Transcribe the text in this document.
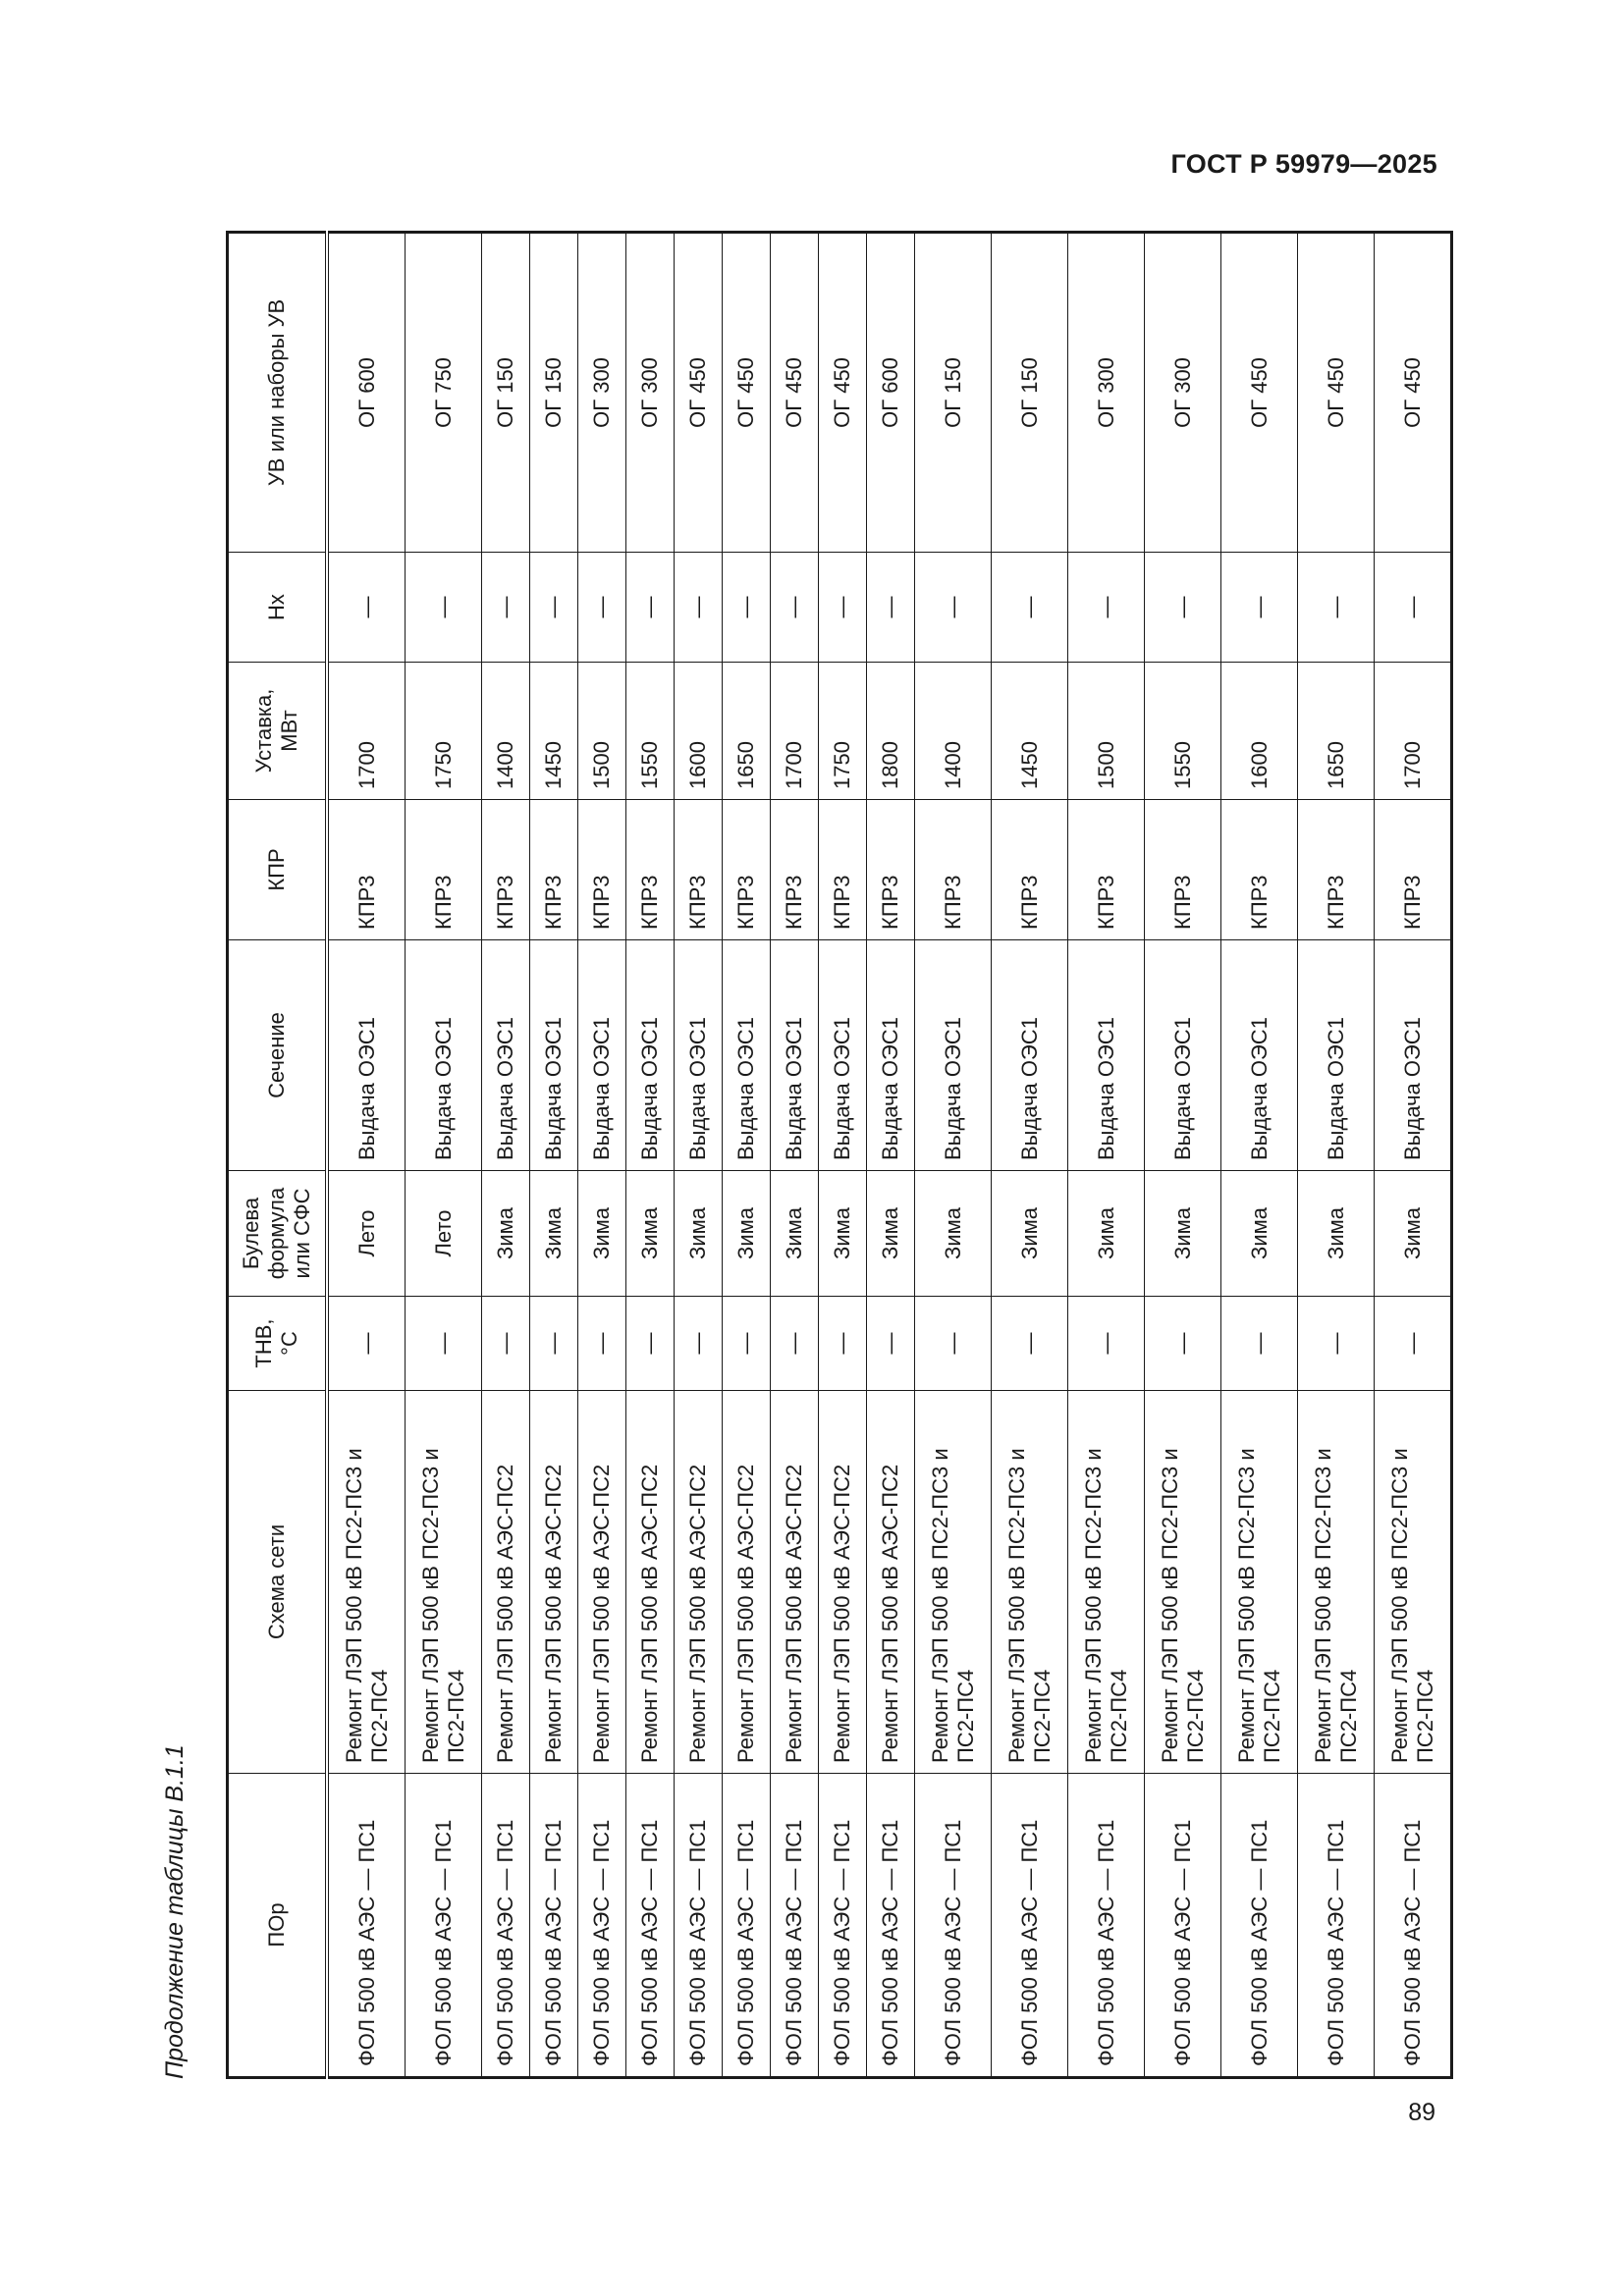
ГОСТ Р 59979—2025
Продолжение таблицы В.1.1	ПОр	Схема сети	TНВ, °C	Булева формула или СФС	Сечение	КПР	Уставка, МВт	Нх	УВ или наборы УВ
ФОЛ 500 кВ АЭС — ПС1	Ремонт ЛЭП 500 кВ ПС2-ПС3 и ПС2-ПС4	—	Лето	Выдача ОЭС1	КПР3	1700	—	ОГ 600
ФОЛ 500 кВ АЭС — ПС1	Ремонт ЛЭП 500 кВ ПС2-ПС3 и ПС2-ПС4	—	Лето	Выдача ОЭС1	КПР3	1750	—	ОГ 750
ФОЛ 500 кВ АЭС — ПС1	Ремонт ЛЭП 500 кВ АЭС-ПС2	—	Зима	Выдача ОЭС1	КПР3	1400	—	ОГ 150
ФОЛ 500 кВ АЭС — ПС1	Ремонт ЛЭП 500 кВ АЭС-ПС2	—	Зима	Выдача ОЭС1	КПР3	1450	—	ОГ 150
ФОЛ 500 кВ АЭС — ПС1	Ремонт ЛЭП 500 кВ АЭС-ПС2	—	Зима	Выдача ОЭС1	КПР3	1500	—	ОГ 300
ФОЛ 500 кВ АЭС — ПС1	Ремонт ЛЭП 500 кВ АЭС-ПС2	—	Зима	Выдача ОЭС1	КПР3	1550	—	ОГ 300
ФОЛ 500 кВ АЭС — ПС1	Ремонт ЛЭП 500 кВ АЭС-ПС2	—	Зима	Выдача ОЭС1	КПР3	1600	—	ОГ 450
ФОЛ 500 кВ АЭС — ПС1	Ремонт ЛЭП 500 кВ АЭС-ПС2	—	Зима	Выдача ОЭС1	КПР3	1650	—	ОГ 450
ФОЛ 500 кВ АЭС — ПС1	Ремонт ЛЭП 500 кВ АЭС-ПС2	—	Зима	Выдача ОЭС1	КПР3	1700	—	ОГ 450
ФОЛ 500 кВ АЭС — ПС1	Ремонт ЛЭП 500 кВ АЭС-ПС2	—	Зима	Выдача ОЭС1	КПР3	1750	—	ОГ 450
ФОЛ 500 кВ АЭС — ПС1	Ремонт ЛЭП 500 кВ АЭС-ПС2	—	Зима	Выдача ОЭС1	КПР3	1800	—	ОГ 600
ФОЛ 500 кВ АЭС — ПС1	Ремонт ЛЭП 500 кВ ПС2-ПС3 и ПС2-ПС4	—	Зима	Выдача ОЭС1	КПР3	1400	—	ОГ 150
ФОЛ 500 кВ АЭС — ПС1	Ремонт ЛЭП 500 кВ ПС2-ПС3 и ПС2-ПС4	—	Зима	Выдача ОЭС1	КПР3	1450	—	ОГ 150
ФОЛ 500 кВ АЭС — ПС1	Ремонт ЛЭП 500 кВ ПС2-ПС3 и ПС2-ПС4	—	Зима	Выдача ОЭС1	КПР3	1500	—	ОГ 300
ФОЛ 500 кВ АЭС — ПС1	Ремонт ЛЭП 500 кВ ПС2-ПС3 и ПС2-ПС4	—	Зима	Выдача ОЭС1	КПР3	1550	—	ОГ 300
ФОЛ 500 кВ АЭС — ПС1	Ремонт ЛЭП 500 кВ ПС2-ПС3 и ПС2-ПС4	—	Зима	Выдача ОЭС1	КПР3	1600	—	ОГ 450
ФОЛ 500 кВ АЭС — ПС1	Ремонт ЛЭП 500 кВ ПС2-ПС3 и ПС2-ПС4	—	Зима	Выдача ОЭС1	КПР3	1650	—	ОГ 450
ФОЛ 500 кВ АЭС — ПС1	Ремонт ЛЭП 500 кВ ПС2-ПС3 и ПС2-ПС4	—	Зима	Выдача ОЭС1	КПР3	1700	—	ОГ 450
89
